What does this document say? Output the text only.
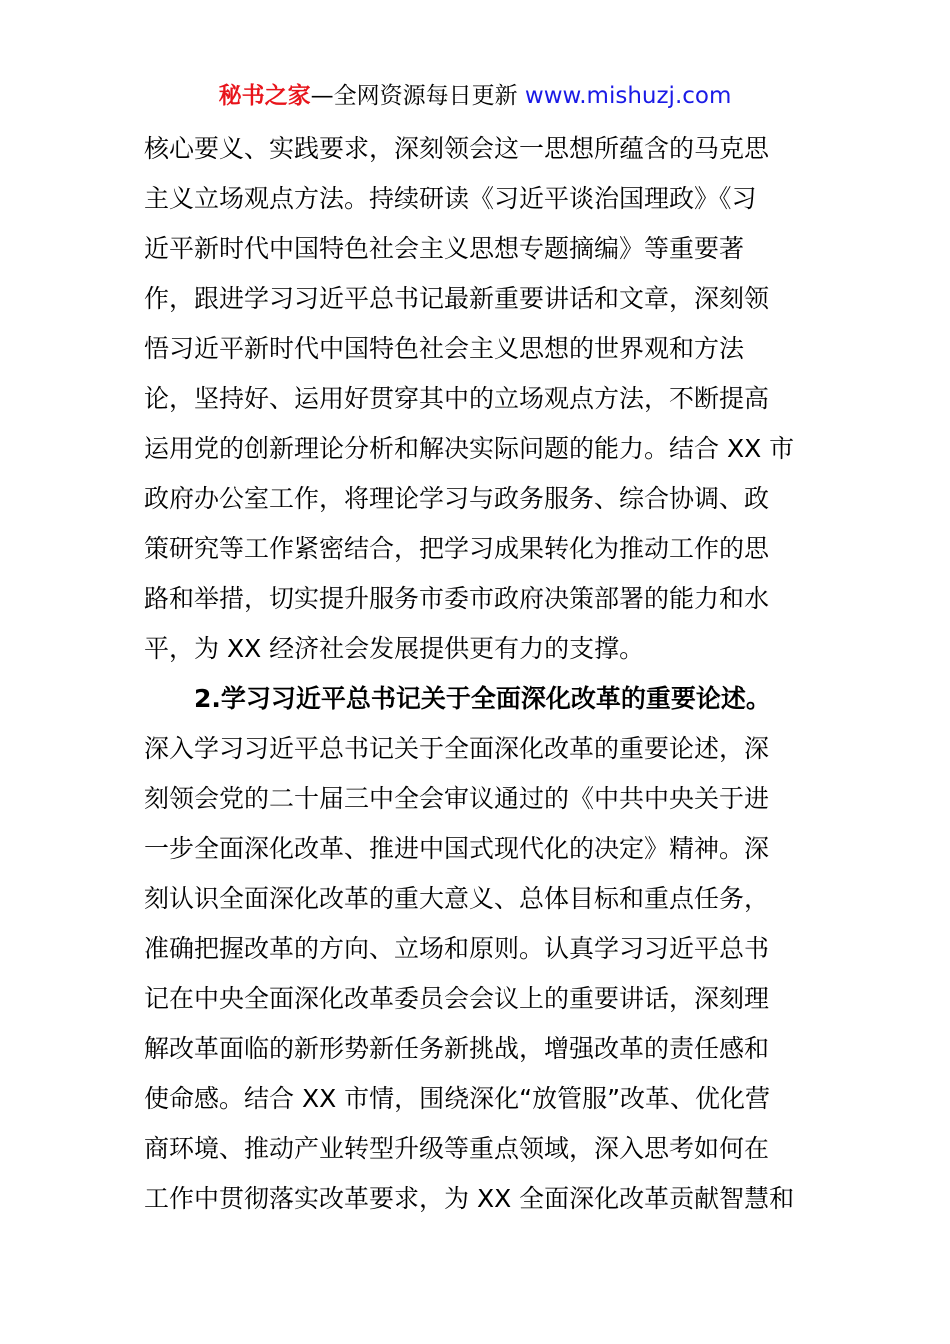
秘书之家—全网资源每日更新 www.mishuzj.com
核心要义、实践要求，深刻领会这一思想所蕴含的马克思
主义立场观点方法。持续研读《习近平谈治国理政》《习
近平新时代中国特色社会主义思想专题摘编》等重要著
作，跟进学习习近平总书记最新重要讲话和文章，深刻领
悟习近平新时代中国特色社会主义思想的世界观和方法
论，坚持好、运用好贯穿其中的立场观点方法，不断提高
运用党的创新理论分析和解决实际问题的能力。结合 XX 市
政府办公室工作，将理论学习与政务服务、综合协调、政
策研究等工作紧密结合，把学习成果转化为推动工作的思
路和举措，切实提升服务市委市政府决策部署的能力和水
平，为 XX 经济社会发展提供更有力的支撑。
2.学习习近平总书记关于全面深化改革的重要论述。
深入学习习近平总书记关于全面深化改革的重要论述，深
刻领会党的二十届三中全会审议通过的《中共中央关于进
一步全面深化改革、推进中国式现代化的决定》精神。深
刻认识全面深化改革的重大意义、总体目标和重点任务，
准确把握改革的方向、立场和原则。认真学习习近平总书
记在中央全面深化改革委员会会议上的重要讲话，深刻理
解改革面临的新形势新任务新挑战，增强改革的责任感和
使命感。结合 XX 市情，围绕深化“放管服”改革、优化营
商环境、推动产业转型升级等重点领域，深入思考如何在
工作中贯彻落实改革要求，为 XX 全面深化改革贡献智慧和
